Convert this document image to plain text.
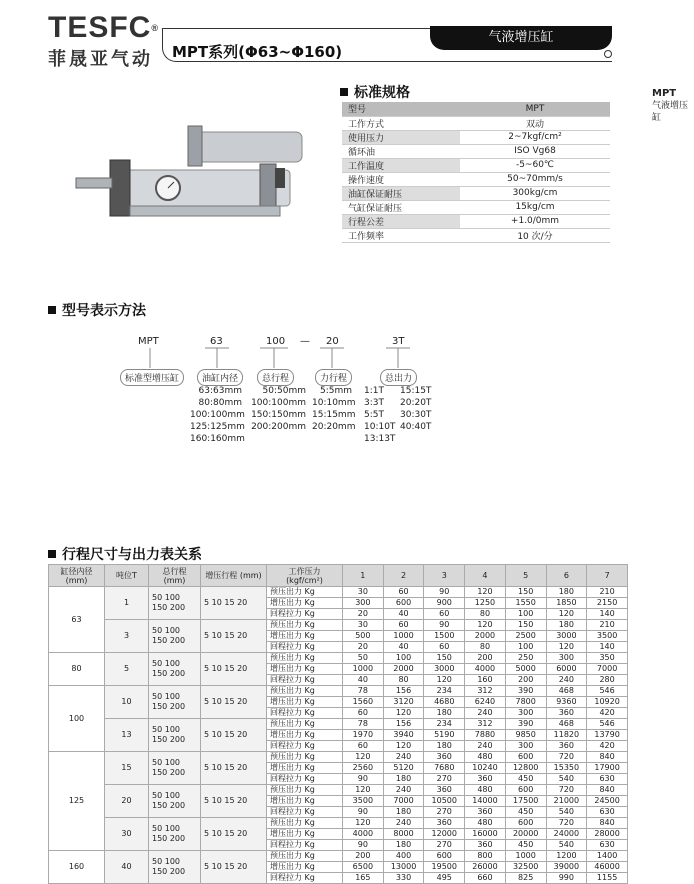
TESFC®
菲晟亚气动	MPT系列(Φ63~Φ160)
气液增压缸
MPT
气液增压缸
标准规格
型号	MPT
工作方式	双动
使用压力	2~7kgf/cm²
循环油	ISO Vg68
工作温度	-5~60℃
操作速度	50~70mm/s
油缸保证耐压	300kg/cm
气缸保证耐压	15kg/cm
行程公差	+1.0/0mm
工作频率	10 次/分
型号表示方法
MPT	63	100 — 20	3T
标准型增压缸	油缸内径	总行程	力行程	总出力
63:63mm
80:80mm
100:100mm
125:125mm
160:160mm
50:50mm
100:100mm
150:150mm
200:200mm
5:5mm
10:10mm
15:15mm
20:20mm
1:1T
3:3T
5:5T
10:10T
13:13T
15:15T
20:20T
30:30T
40:40T
行程尺寸与出力表关系
缸径内径 (mm)	吨位T	总行程 (mm)	增压行程 (mm)	工作压力 (kgf/cm²)	1	2	3	4	5	6	7
63	1	50 100 150 200	5 10 15 20	预压出力 Kg	30	60	90	120	150	180	210
				增压出力 Kg	300	600	900	1250	1550	1850	2150
				回程拉力 Kg	20	40	60	80	100	120	140
	3	50 100 150 200	5 10 15 20	预压出力 Kg	30	60	90	120	150	180	210
				增压出力 Kg	500	1000	1500	2000	2500	3000	3500
				回程拉力 Kg	20	40	60	80	100	120	140
80	5	50 100 150 200	5 10 15 20	预压出力 Kg	50	100	150	200	250	300	350
				增压出力 Kg	1000	2000	3000	4000	5000	6000	7000
				回程拉力 Kg	40	80	120	160	200	240	280
100	10	50 100 150 200	5 10 15 20	预压出力 Kg	78	156	234	312	390	468	546
				增压出力 Kg	1560	3120	4680	6240	7800	9360	10920
				回程拉力 Kg	60	120	180	240	300	360	420
	13	50 100 150 200	5 10 15 20	预压出力 Kg	78	156	234	312	390	468	546
				增压出力 Kg	1970	3940	5190	7880	9850	11820	13790
				回程拉力 Kg	60	120	180	240	300	360	420
125	15	50 100 150 200	5 10 15 20	预压出力 Kg	120	240	360	480	600	720	840
				增压出力 Kg	2560	5120	7680	10240	12800	15350	17900
				回程拉力 Kg	90	180	270	360	450	540	630
	20	50 100 150 200	5 10 15 20	预压出力 Kg	120	240	360	480	600	720	840
				增压出力 Kg	3500	7000	10500	14000	17500	21000	24500
				回程拉力 Kg	90	180	270	360	450	540	630
	30	50 100 150 200	5 10 15 20	预压出力 Kg	120	240	360	480	600	720	840
				增压出力 Kg	4000	8000	12000	16000	20000	24000	28000
				回程拉力 Kg	90	180	270	360	450	540	630
160	40	50 100 150 200	5 10 15 20	预压出力 Kg	200	400	600	800	1000	1200	1400
				增压出力 Kg	6500	13000	19500	26000	32500	39000	46000
				回程拉力 Kg	165	330	495	660	825	990	1155
